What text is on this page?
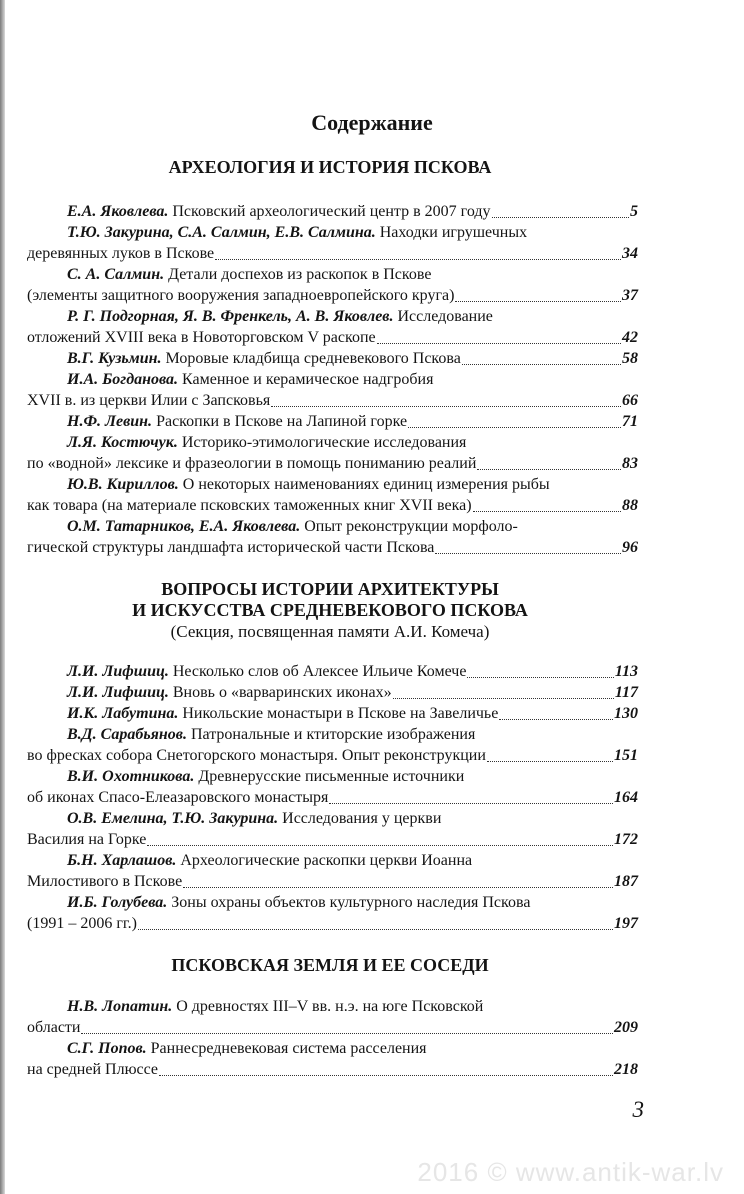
Содержание
АРХЕОЛОГИЯ И ИСТОРИЯ ПСКОВА
Е.А. Яковлева. Псковский археологический центр в 2007 году	5
Т.Ю. Закурина, С.А. Салмин, Е.В. Салмина. Находки игрушечных
деревянных луков в Пскове	34
С. А. Салмин. Детали доспехов из раскопок в Пскове
(элементы защитного вооружения западноевропейского круга)	37
Р. Г. Подгорная, Я. В. Френкель, А. В. Яковлев. Исследование
отложений XVIII века в Новоторговском V раскопе	42
В.Г. Кузьмин. Моровые кладбища средневекового Пскова	58
И.А. Богданова. Каменное и керамическое надгробия
XVII в. из церкви Илии с Запсковья	66
Н.Ф. Левин. Раскопки в Пскове на Лапиной горке	71
Л.Я. Костючук. Историко-этимологические исследования
по «водной» лексике и фразеологии в помощь пониманию реалий	83
Ю.В. Кириллов. О некоторых наименованиях единиц измерения рыбы
как товара (на материале псковских таможенных книг XVII века)	88
О.М. Татарников, Е.А. Яковлева. Опыт реконструкции морфоло-
гической структуры ландшафта исторической части Пскова	96
ВОПРОСЫ ИСТОРИИ АРХИТЕКТУРЫ
И ИСКУССТВА СРЕДНЕВЕКОВОГО ПСКОВА

(Секция, посвященная памяти А.И. Комеча)

Л.И. Лифшиц. Несколько слов об Алексее Ильиче Комече	113
Л.И. Лифшиц. Вновь о «варваринских иконах»	117
И.К. Лабутина. Никольские монастыри в Пскове на Завеличье	130
В.Д. Сарабьянов. Патрональные и ктиторские изображения
во фресках собора Снетогорского монастыря. Опыт реконструкции	151
В.И. Охотникова. Древнерусские письменные источники
об иконах Спасо-Елеазаровского монастыря	164
О.В. Емелина, Т.Ю. Закурина. Исследования у церкви
Василия на Горке	172
Б.Н. Харлашов. Археологические раскопки церкви Иоанна
Милостивого в Пскове	187
И.Б. Голубева. Зоны охраны объектов культурного наследия Пскова
(1991 – 2006 гг.)	197
ПСКОВСКАЯ ЗЕМЛЯ И ЕЕ СОСЕДИ
Н.В. Лопатин. О древностях III–V вв. н.э. на юге Псковской
области	209
С.Г. Попов. Раннесредневековая система расселения
на средней Плюссе	218
3
2016 © www.antik-war.lv
